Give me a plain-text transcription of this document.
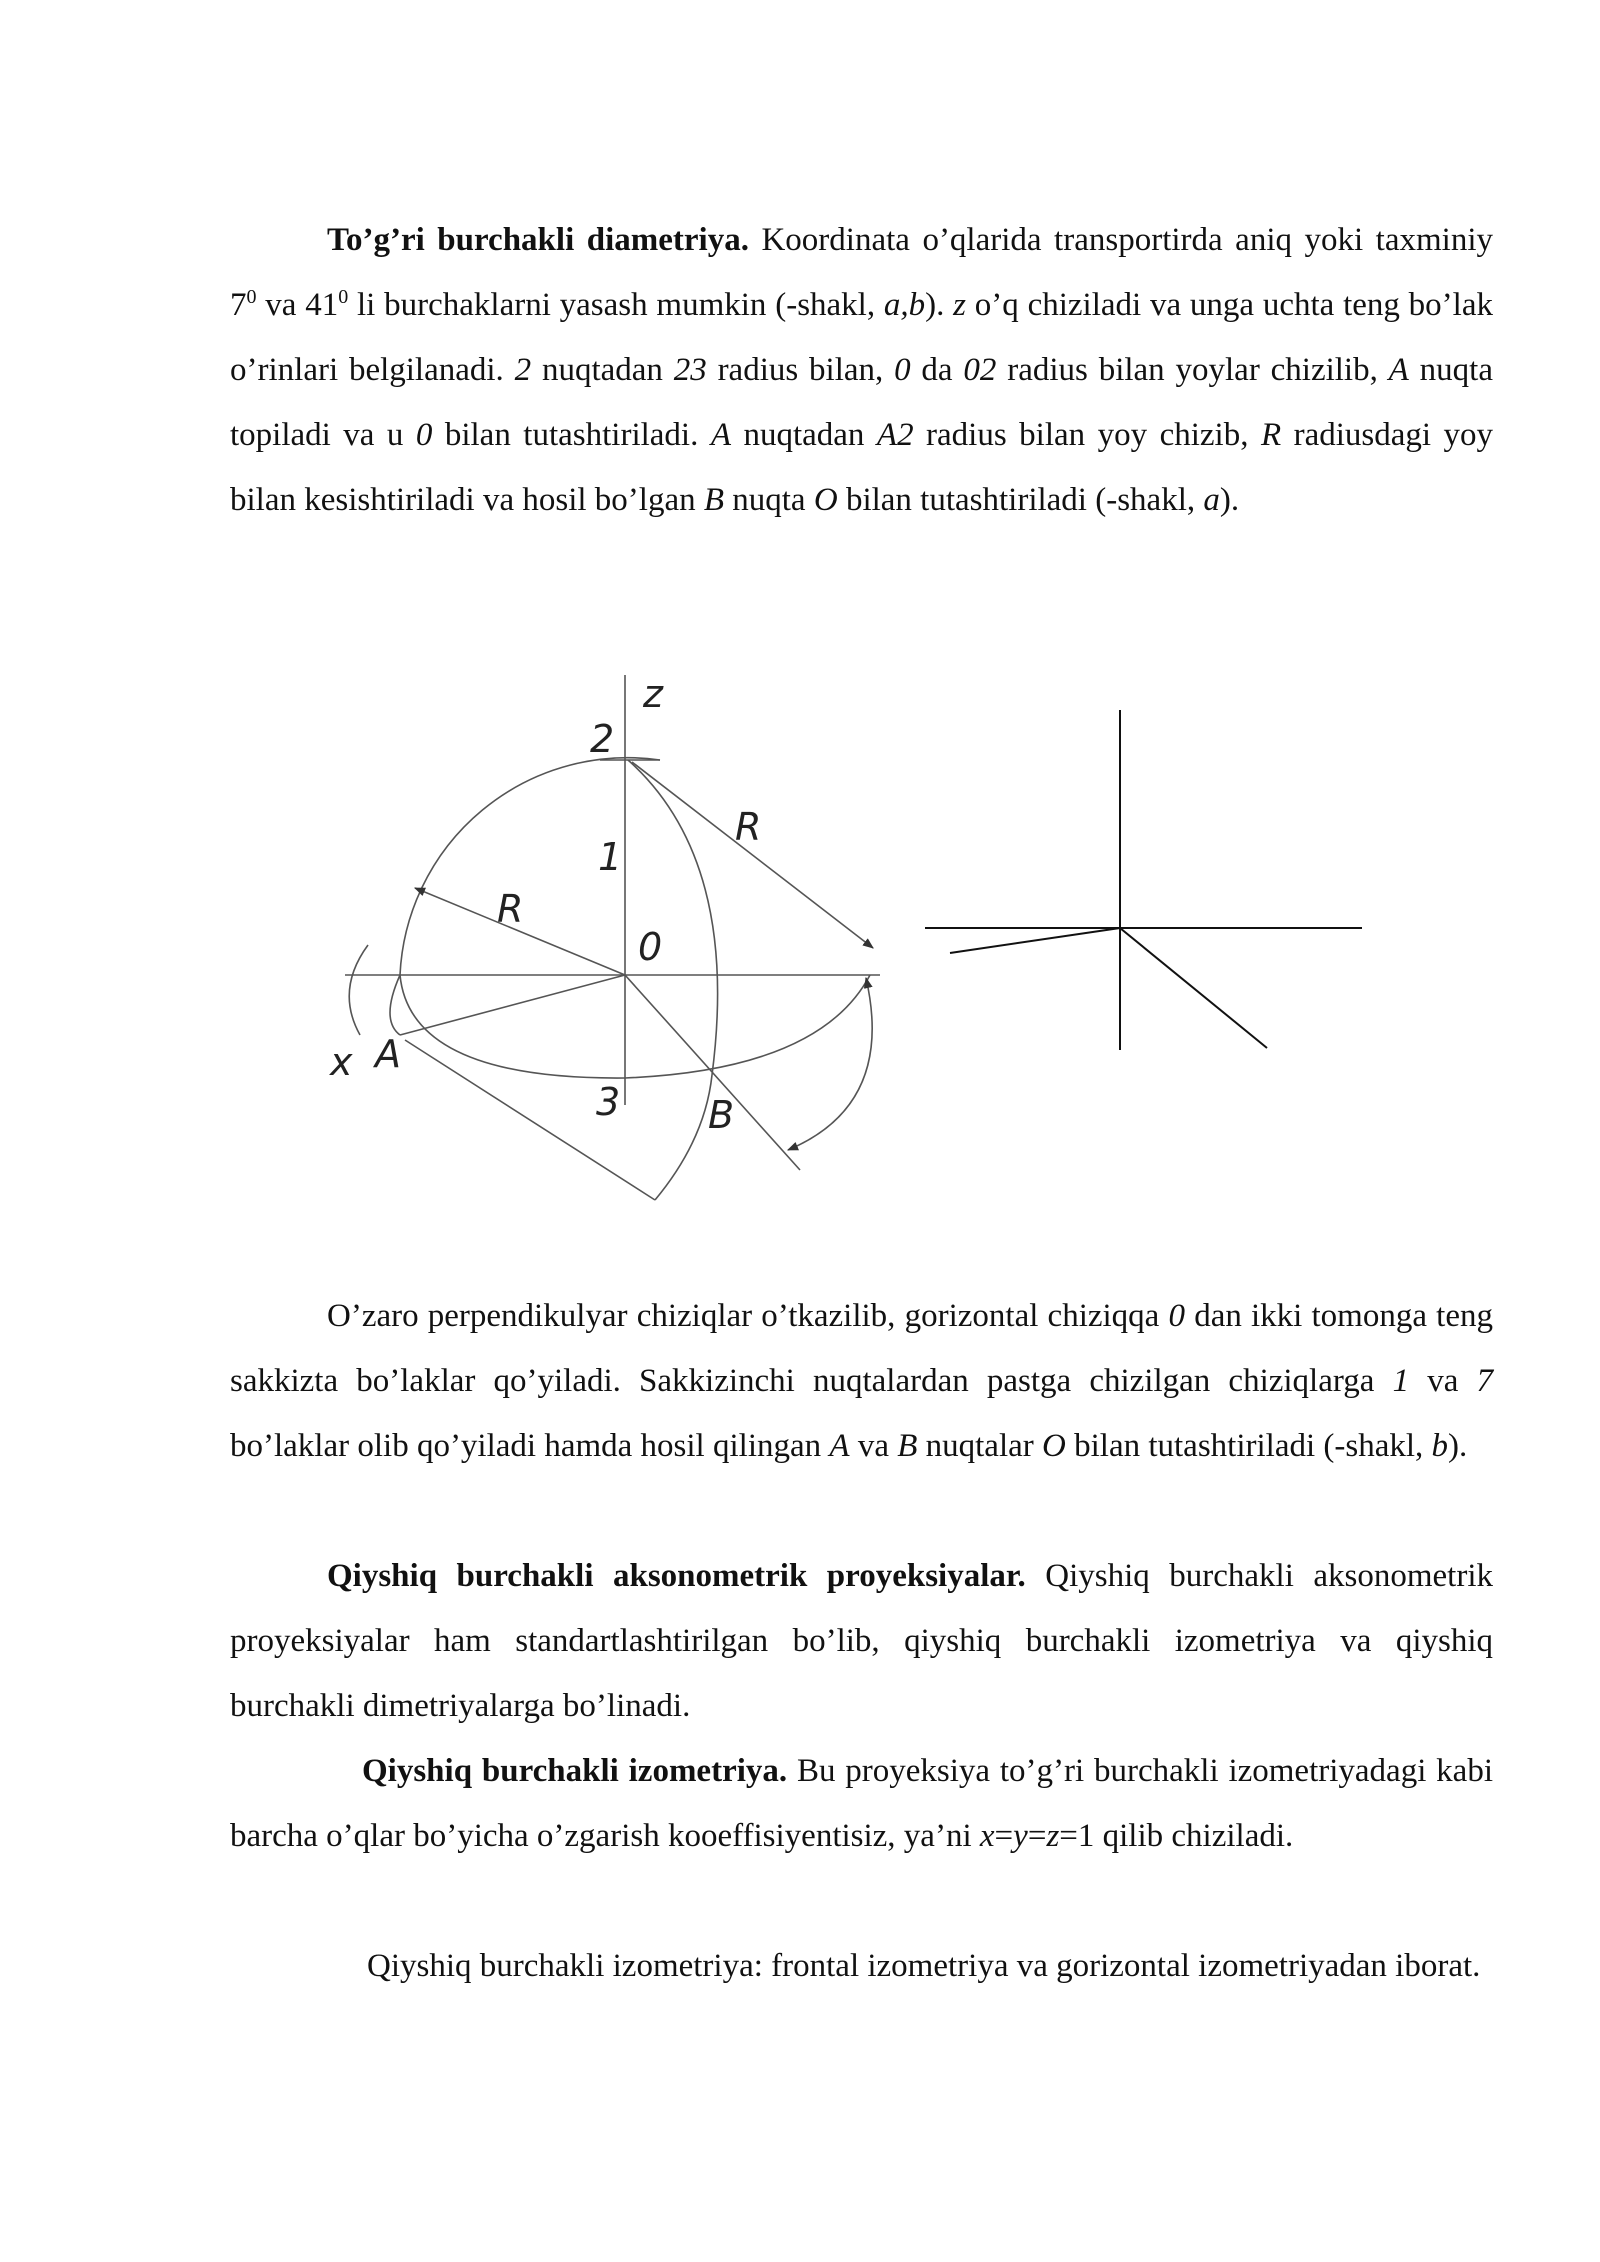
To’g’ri burchakli diametriya. Koordinata o’qlarida transportirda aniq yoki taxminiy $7^0$ va $41^0$ li burchaklarni yasash mumkin (-shakl, a,b). z o’q chiziladi va unga uchta teng bo’lak o’rinlari belgilanadi. 2 nuqtadan 23 radius bilan, 0 da 02 radius bilan yoylar chizilib, A nuqta topiladi va u 0 bilan tutashtiriladi. A nuqtadan A2 radius bilan yoy chizib, R radiusdagi yoy bilan kesishtiriladi va hosil bo’lgan B nuqta O bilan tutashtiriladi (-shakl, a).

z
2
1
0
3
x A
B
R
R

O’zaro perpendikulyar chiziqlar o’tkazilib, gorizontal chiziqqa 0 dan ikki tomonga teng sakkizta bo’laklar qo’yiladi. Sakkizinchi nuqtalardan pastga chizilgan chiziqlarga 1 va 7 bo’laklar olib qo’yiladi hamda hosil qilingan A va B nuqtalar O bilan tutashtiriladi (-shakl, b).

Qiyshiq burchakli aksonometrik proyeksiyalar. Qiyshiq burchakli aksonometrik proyeksiyalar ham standartlashtirilgan bo’lib, qiyshiq burchakli izometriya va qiyshiq burchakli dimetriyalarga bo’linadi.

Qiyshiq burchakli izometriya. Bu proyeksiya to’g’ri burchakli izometriyadagi kabi barcha o’qlar bo’yicha o’zgarish kooeffisiyentisiz, ya’ni x=y=z=1 qilib chiziladi.

Qiyshiq burchakli izometriya: frontal izometriya va gorizontal izometriyadan iborat.
